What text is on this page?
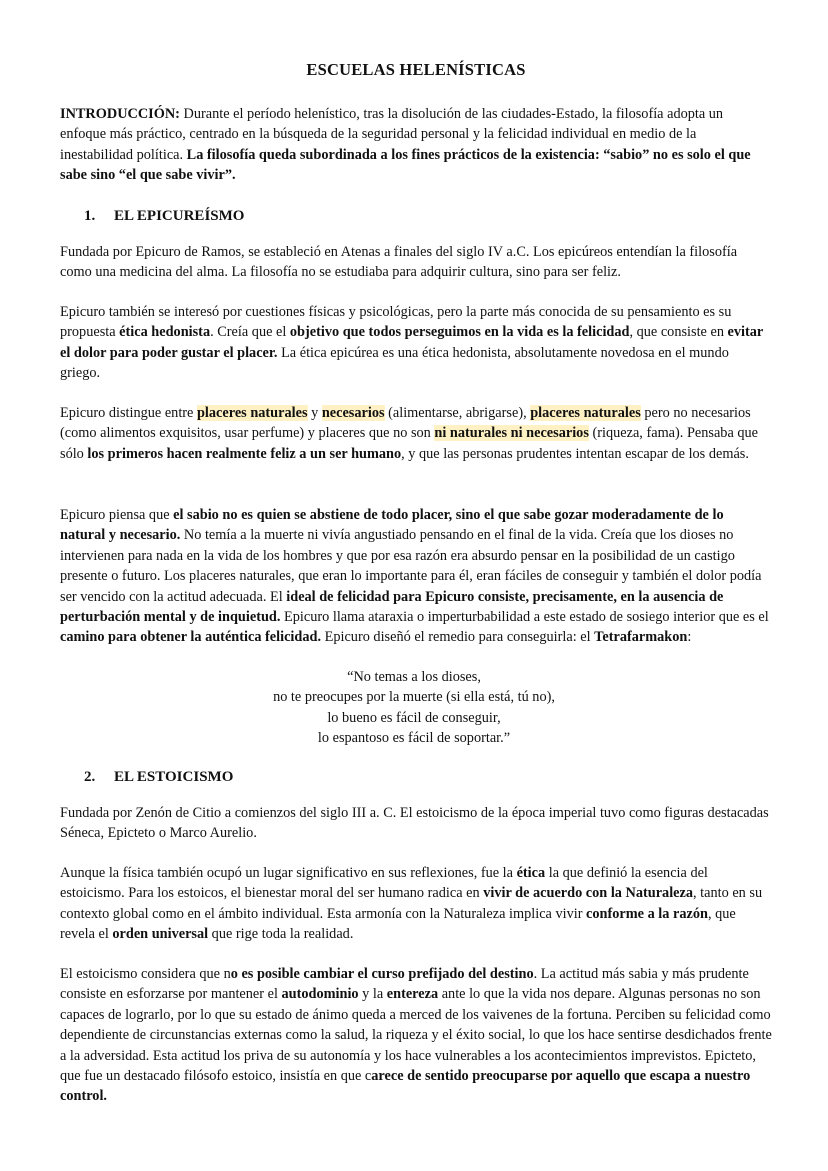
ESCUELAS HELENÍSTICAS

INTRODUCCIÓN: Durante el período helenístico, tras la disolución de las ciudades-Estado, la filosofía adopta un enfoque más práctico, centrado en la búsqueda de la seguridad personal y la felicidad individual en medio de la inestabilidad política. La filosofía queda subordinada a los fines prácticos de la existencia: “sabio” no es solo el que sabe sino “el que sabe vivir”.

1. EL EPICUREÍSMO

Fundada por Epicuro de Ramos, se estableció en Atenas a finales del siglo IV a.C. Los epicúreos entendían la filosofía como una medicina del alma. La filosofía no se estudiaba para adquirir cultura, sino para ser feliz.

Epicuro también se interesó por cuestiones físicas y psicológicas, pero la parte más conocida de su pensamiento es su propuesta ética hedonista. Creía que el objetivo que todos perseguimos en la vida es la felicidad, que consiste en evitar el dolor para poder gustar el placer. La ética epicúrea es una ética hedonista, absolutamente novedosa en el mundo griego.

Epicuro distingue entre placeres naturales y necesarios (alimentarse, abrigarse), placeres naturales pero no necesarios (como alimentos exquisitos, usar perfume) y placeres que no son ni naturales ni necesarios (riqueza, fama). Pensaba que sólo los primeros hacen realmente feliz a un ser humano, y que las personas prudentes intentan escapar de los demás.

Epicuro piensa que el sabio no es quien se abstiene de todo placer, sino el que sabe gozar moderadamente de lo natural y necesario. No temía a la muerte ni vivía angustiado pensando en el final de la vida. Creía que los dioses no intervienen para nada en la vida de los hombres y que por esa razón era absurdo pensar en la posibilidad de un castigo presente o futuro. Los placeres naturales, que eran lo importante para él, eran fáciles de conseguir y también el dolor podía ser vencido con la actitud adecuada. El ideal de felicidad para Epicuro consiste, precisamente, en la ausencia de perturbación mental y de inquietud. Epicuro llama ataraxia o imperturbabilidad a este estado de sosiego interior que es el camino para obtener la auténtica felicidad. Epicuro diseñó el remedio para conseguirla: el Tetrafarmakon:

“No temas a los dioses,
no te preocupes por la muerte (si ella está, tú no),
lo bueno es fácil de conseguir,
lo espantoso es fácil de soportar.”
2. EL ESTOICISMO

Fundada por Zenón de Citio a comienzos del siglo III a. C. El estoicismo de la época imperial tuvo como figuras destacadas Séneca, Epicteto o Marco Aurelio.

Aunque la física también ocupó un lugar significativo en sus reflexiones, fue la ética la que definió la esencia del estoicismo. Para los estoicos, el bienestar moral del ser humano radica en vivir de acuerdo con la Naturaleza, tanto en su contexto global como en el ámbito individual. Esta armonía con la Naturaleza implica vivir conforme a la razón, que revela el orden universal que rige toda la realidad.

El estoicismo considera que no es posible cambiar el curso prefijado del destino. La actitud más sabia y más prudente consiste en esforzarse por mantener el autodominio y la entereza ante lo que la vida nos depare. Algunas personas no son capaces de lograrlo, por lo que su estado de ánimo queda a merced de los vaivenes de la fortuna. Perciben su felicidad como dependiente de circunstancias externas como la salud, la riqueza y el éxito social, lo que los hace sentirse desdichados frente a la adversidad. Esta actitud los priva de su autonomía y los hace vulnerables a los acontecimientos imprevistos. Epicteto, que fue un destacado filósofo estoico, insistía en que carece de sentido preocuparse por aquello que escapa a nuestro control.
